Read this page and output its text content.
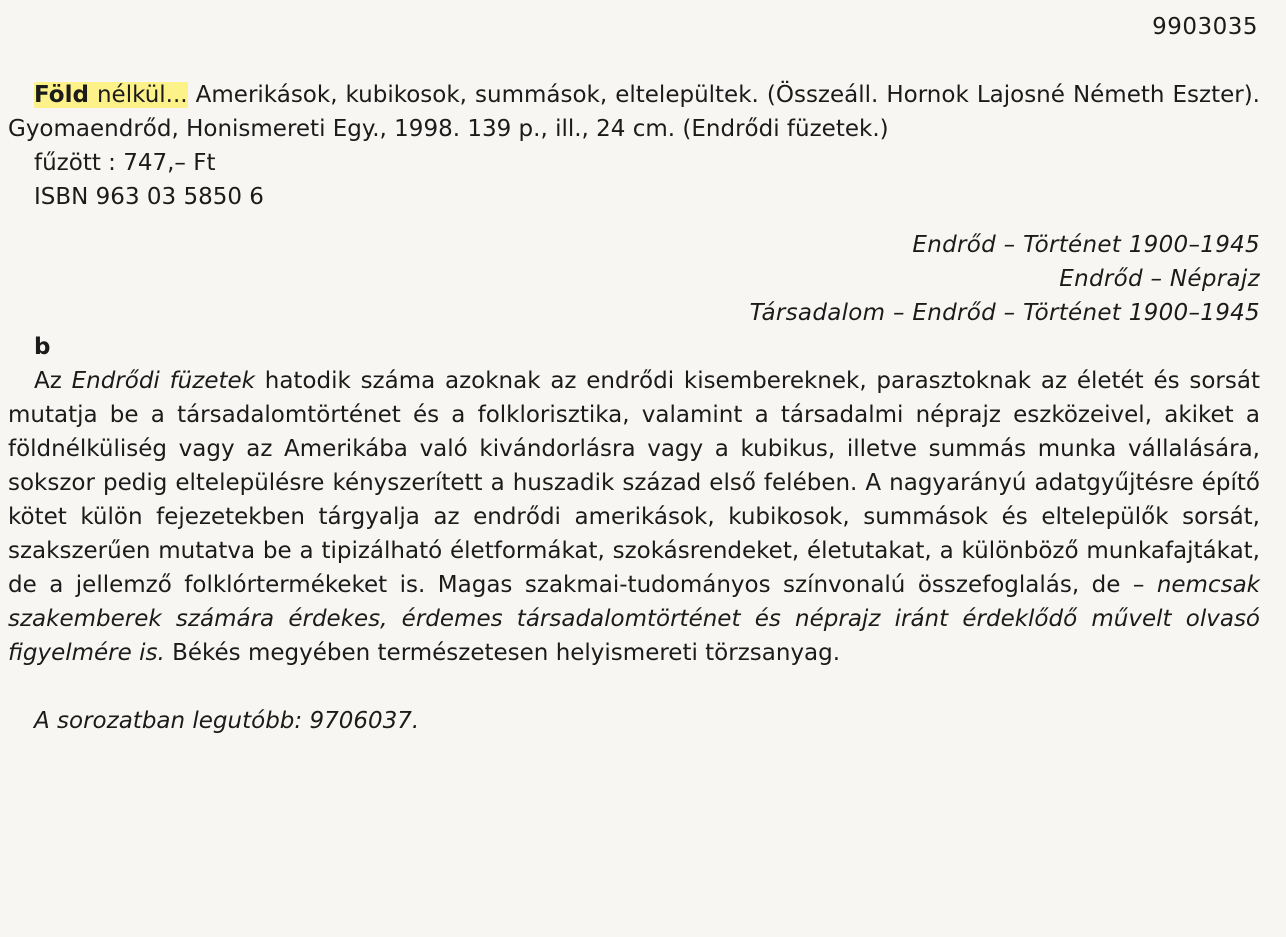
9903035

Föld nélkül... Amerikások, kubikosok, summások, eltelepültek. (Összeáll. Hornok Lajosné Németh Eszter). Gyomaendrőd, Honismereti Egy., 1998. 139 p., ill., 24 cm. (Endrődi füzetek.)

fűzött : 747,– Ft

ISBN 963 03 5850 6

Endrőd – Történet 1900–1945
Endrőd – Néprajz
Társadalom – Endrőd – Történet 1900–1945

b

Az Endrődi füzetek hatodik száma azoknak az endrődi kisembereknek, parasztoknak az életét és sorsát mutatja be a társadalomtörténet és a folklorisztika, valamint a társadalmi néprajz eszközeivel, akiket a földnélküliség vagy az Amerikába való kivándorlásra vagy a kubikus, illetve summás munka vállalására, sokszor pedig eltelepülésre kényszerített a huszadik század első felében. A nagyarányú adatgyűjtésre építő kötet külön fejezetekben tárgyalja az endrődi amerikások, kubikosok, summások és eltelepülők sorsát, szakszerűen mutatva be a tipizálható életformákat, szokásrendeket, életutakat, a különböző munkafajtákat, de a jellemző folklórtermékeket is. Magas szakmai-tudományos színvonalú összefoglalás, de – nemcsak szakemberek számára érdekes, érdemes társadalomtörténet és néprajz iránt érdeklődő művelt olvasó figyelmére is. Békés megyében természetesen helyismereti törzsanyag.

A sorozatban legutóbb: 9706037.
